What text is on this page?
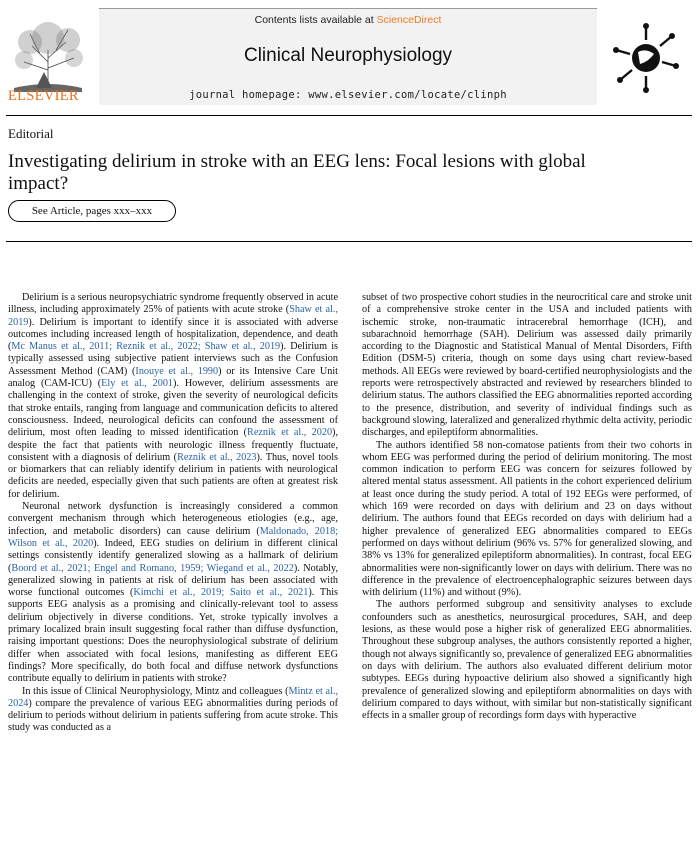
ELSEVIER
Contents lists available at ScienceDirect
Clinical Neurophysiology
journal homepage: www.elsevier.com/locate/clinph
Editorial
Investigating delirium in stroke with an EEG lens: Focal lesions with global impact?
See Article, pages xxx–xxx

Delirium is a serious neuropsychiatric syndrome frequently observed in acute illness, including approximately 25% of patients with acute stroke (Shaw et al., 2019). Delirium is important to identify since it is associated with adverse outcomes including increased length of hospitalization, dependence, and death (Mc Manus et al., 2011; Reznik et al., 2022; Shaw et al., 2019). Delirium is typically assessed using subjective patient interviews such as the Confusion Assessment Method (CAM) (Inouye et al., 1990) or its Intensive Care Unit analog (CAM-ICU) (Ely et al., 2001). However, delirium assessments are challenging in the context of stroke, given the severity of neurological deficits that stroke entails, ranging from language and communication deficits to altered consciousness. Indeed, neurological deficits can confound the assessment of delirium, most often leading to missed identification (Reznik et al., 2020), despite the fact that patients with neurologic illness frequently fluctuate, consistent with a diagnosis of delirium (Reznik et al., 2023). Thus, novel tools or biomarkers that can reliably identify delirium in patients with neurological deficits are needed, especially given that such patients are often at greatest risk for delirium.

Neuronal network dysfunction is increasingly considered a common convergent mechanism through which heterogeneous etiologies (e.g., age, infection, and metabolic disorders) can cause delirium (Maldonado, 2018; Wilson et al., 2020). Indeed, EEG studies on delirium in different clinical settings consistently identify generalized slowing as a hallmark of delirium (Boord et al., 2021; Engel and Romano, 1959; Wiegand et al., 2022). Notably, generalized slowing in patients at risk of delirium has been associated with worse functional outcomes (Kimchi et al., 2019; Saito et al., 2021). This supports EEG analysis as a promising and clinically-relevant tool to assess delirium objectively in diverse conditions. Yet, stroke typically involves a primary localized brain insult suggesting focal rather than diffuse dysfunction, raising important questions: Does the neurophysiological substrate of delirium differ when associated with focal lesions, manifesting as different EEG findings? More specifically, do both focal and diffuse network dysfunctions contribute equally to delirium in patients with stroke?

In this issue of Clinical Neurophysiology, Mintz and colleagues (Mintz et al., 2024) compare the prevalence of various EEG abnormalities during periods of delirium to periods without delirium in patients suffering from acute stroke. This study was conducted as a

subset of two prospective cohort studies in the neurocritical care and stroke unit of a comprehensive stroke center in the USA and included patients with ischemic stroke, non-traumatic intracerebral hemorrhage (ICH), and subarachnoid hemorrhage (SAH). Delirium was assessed daily primarily according to the Diagnostic and Statistical Manual of Mental Disorders, Fifth Edition (DSM-5) criteria, though on some days using chart review-based methods. All EEGs were reviewed by board-certified neurophysiologists and the reports were retrospectively abstracted and reviewed by researchers blinded to delirium status. The authors classified the EEG abnormalities reported according to the presence, distribution, and severity of individual findings such as background slowing, lateralized and generalized rhythmic delta activity, periodic discharges, and epileptiform abnormalities.

The authors identified 58 non-comatose patients from their two cohorts in whom EEG was performed during the period of delirium monitoring. The most common indication to perform EEG was concern for seizures followed by altered mental status assessment. All patients in the cohort experienced delirium at least once during the study period. A total of 192 EEGs were performed, of which 169 were recorded on days with delirium and 23 on days without delirium. The authors found that EEGs recorded on days with delirium had a higher prevalence of generalized EEG abnormalities compared to EEGs performed on days without delirium (96% vs. 57% for generalized slowing, and 38% vs 13% for generalized epileptiform abnormalities). In contrast, focal EEG abnormalities were non-significantly lower on days with delirium. There was no difference in the prevalence of electroencephalographic seizures between days with delirium (11%) and without (9%).

The authors performed subgroup and sensitivity analyses to exclude confounders such as anesthetics, neurosurgical procedures, SAH, and deep lesions, as these would pose a higher risk of generalized EEG abnormalities. Throughout these subgroup analyses, the authors consistently reported a higher, though not always significantly so, prevalence of generalized EEG abnormalities on days with delirium. The authors also evaluated different delirium motor subtypes. EEGs during hypoactive delirium also showed a significantly high prevalence of generalized slowing and epileptiform abnormalities on days with delirium compared to days without, with similar but non-statistically significant effects in a smaller group of recordings form days with hyperactive
